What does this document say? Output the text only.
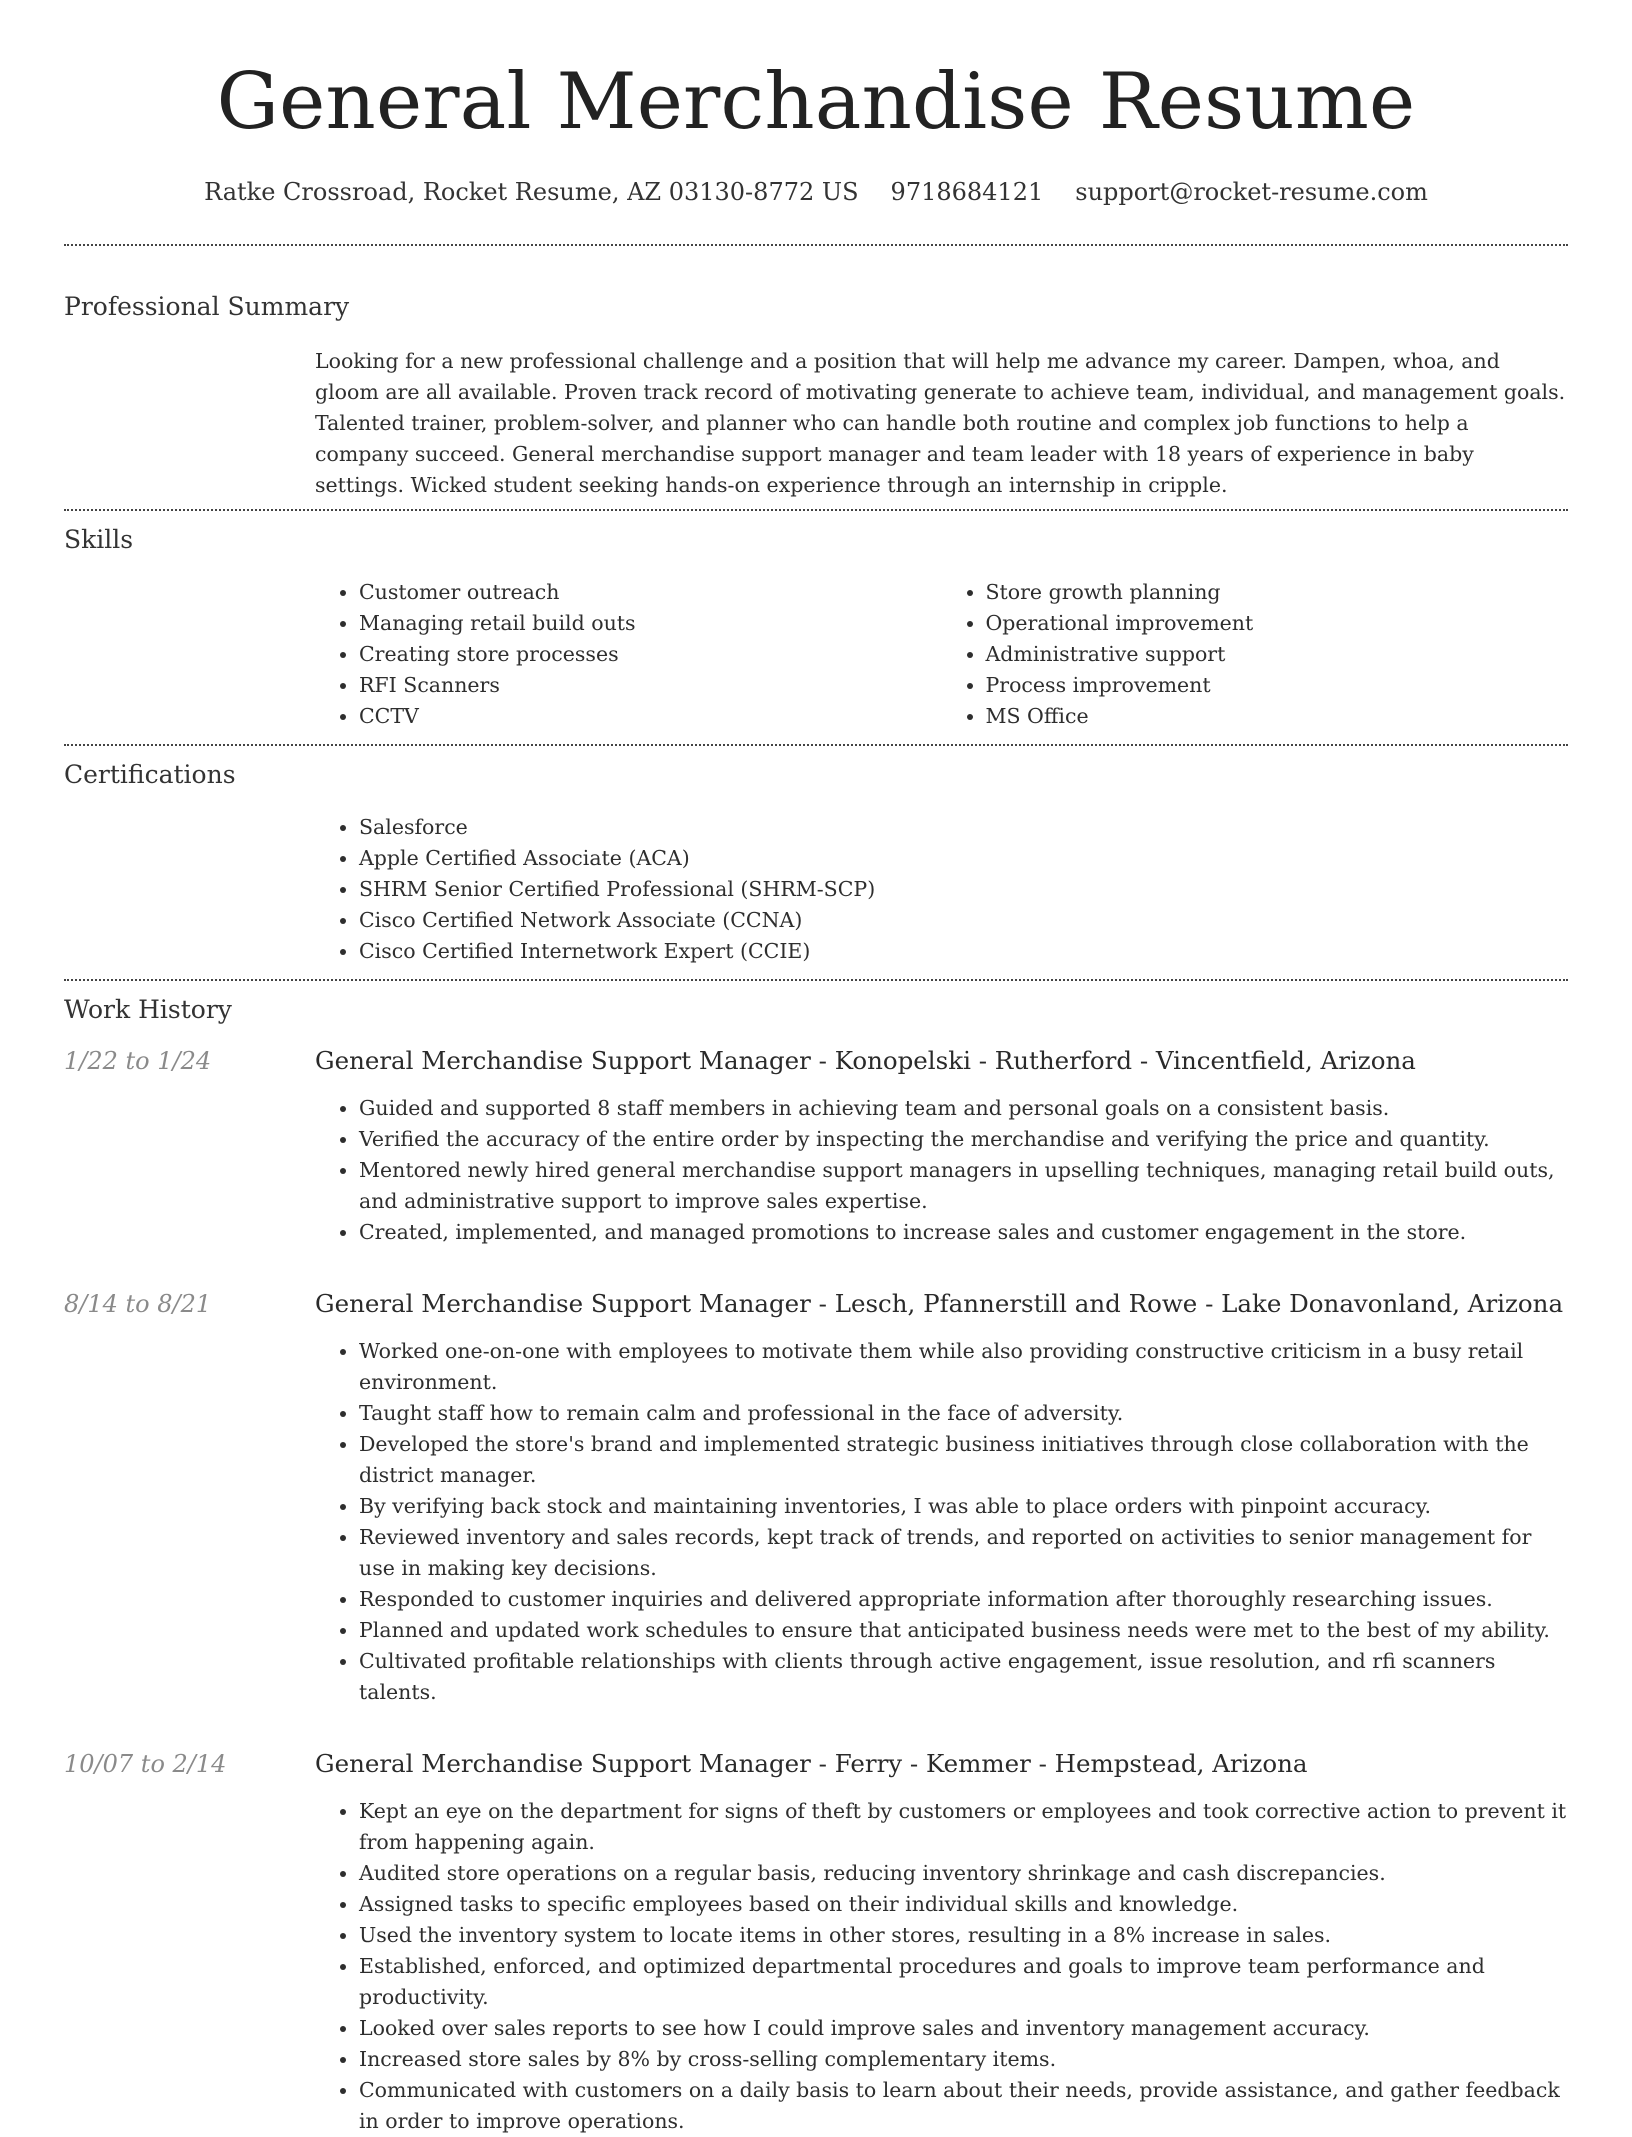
General Merchandise Resume
Ratke Crossroad, Rocket Resume, AZ 03130-8772 US 9718684121 support@rocket-resume.com
Professional Summary
Looking for a new professional challenge and a position that will help me advance my career. Dampen, whoa, and gloom are all available. Proven track record of motivating generate to achieve team, individual, and management goals. Talented trainer, problem-solver, and planner who can handle both routine and complex job functions to help a company succeed. General merchandise support manager and team leader with 18 years of experience in baby settings. Wicked student seeking hands-on experience through an internship in cripple.
Skills
• Customer outreach
• Managing retail build outs
• Creating store processes
• RFI Scanners
• CCTV
• Store growth planning
• Operational improvement
• Administrative support
• Process improvement
• MS Office
Certifications
• Salesforce
• Apple Certified Associate (ACA)
• SHRM Senior Certified Professional (SHRM-SCP)
• Cisco Certified Network Associate (CCNA)
• Cisco Certified Internetwork Expert (CCIE)
Work History
1/22 to 1/24	General Merchandise Support Manager - Konopelski - Rutherford - Vincentfield, Arizona
• Guided and supported 8 staff members in achieving team and personal goals on a consistent basis.
• Verified the accuracy of the entire order by inspecting the merchandise and verifying the price and quantity.
• Mentored newly hired general merchandise support managers in upselling techniques, managing retail build outs, and administrative support to improve sales expertise.
• Created, implemented, and managed promotions to increase sales and customer engagement in the store.
8/14 to 8/21	General Merchandise Support Manager - Lesch, Pfannerstill and Rowe - Lake Donavonland, Arizona
• Worked one-on-one with employees to motivate them while also providing constructive criticism in a busy retail environment.
• Taught staff how to remain calm and professional in the face of adversity.
• Developed the store's brand and implemented strategic business initiatives through close collaboration with the district manager.
• By verifying back stock and maintaining inventories, I was able to place orders with pinpoint accuracy.
• Reviewed inventory and sales records, kept track of trends, and reported on activities to senior management for use in making key decisions.
• Responded to customer inquiries and delivered appropriate information after thoroughly researching issues.
• Planned and updated work schedules to ensure that anticipated business needs were met to the best of my ability.
• Cultivated profitable relationships with clients through active engagement, issue resolution, and rfi scanners talents.
10/07 to 2/14	General Merchandise Support Manager - Ferry - Kemmer - Hempstead, Arizona
• Kept an eye on the department for signs of theft by customers or employees and took corrective action to prevent it from happening again.
• Audited store operations on a regular basis, reducing inventory shrinkage and cash discrepancies.
• Assigned tasks to specific employees based on their individual skills and knowledge.
• Used the inventory system to locate items in other stores, resulting in a 8% increase in sales.
• Established, enforced, and optimized departmental procedures and goals to improve team performance and productivity.
• Looked over sales reports to see how I could improve sales and inventory management accuracy.
• Increased store sales by 8% by cross-selling complementary items.
• Communicated with customers on a daily basis to learn about their needs, provide assistance, and gather feedback in order to improve operations.
